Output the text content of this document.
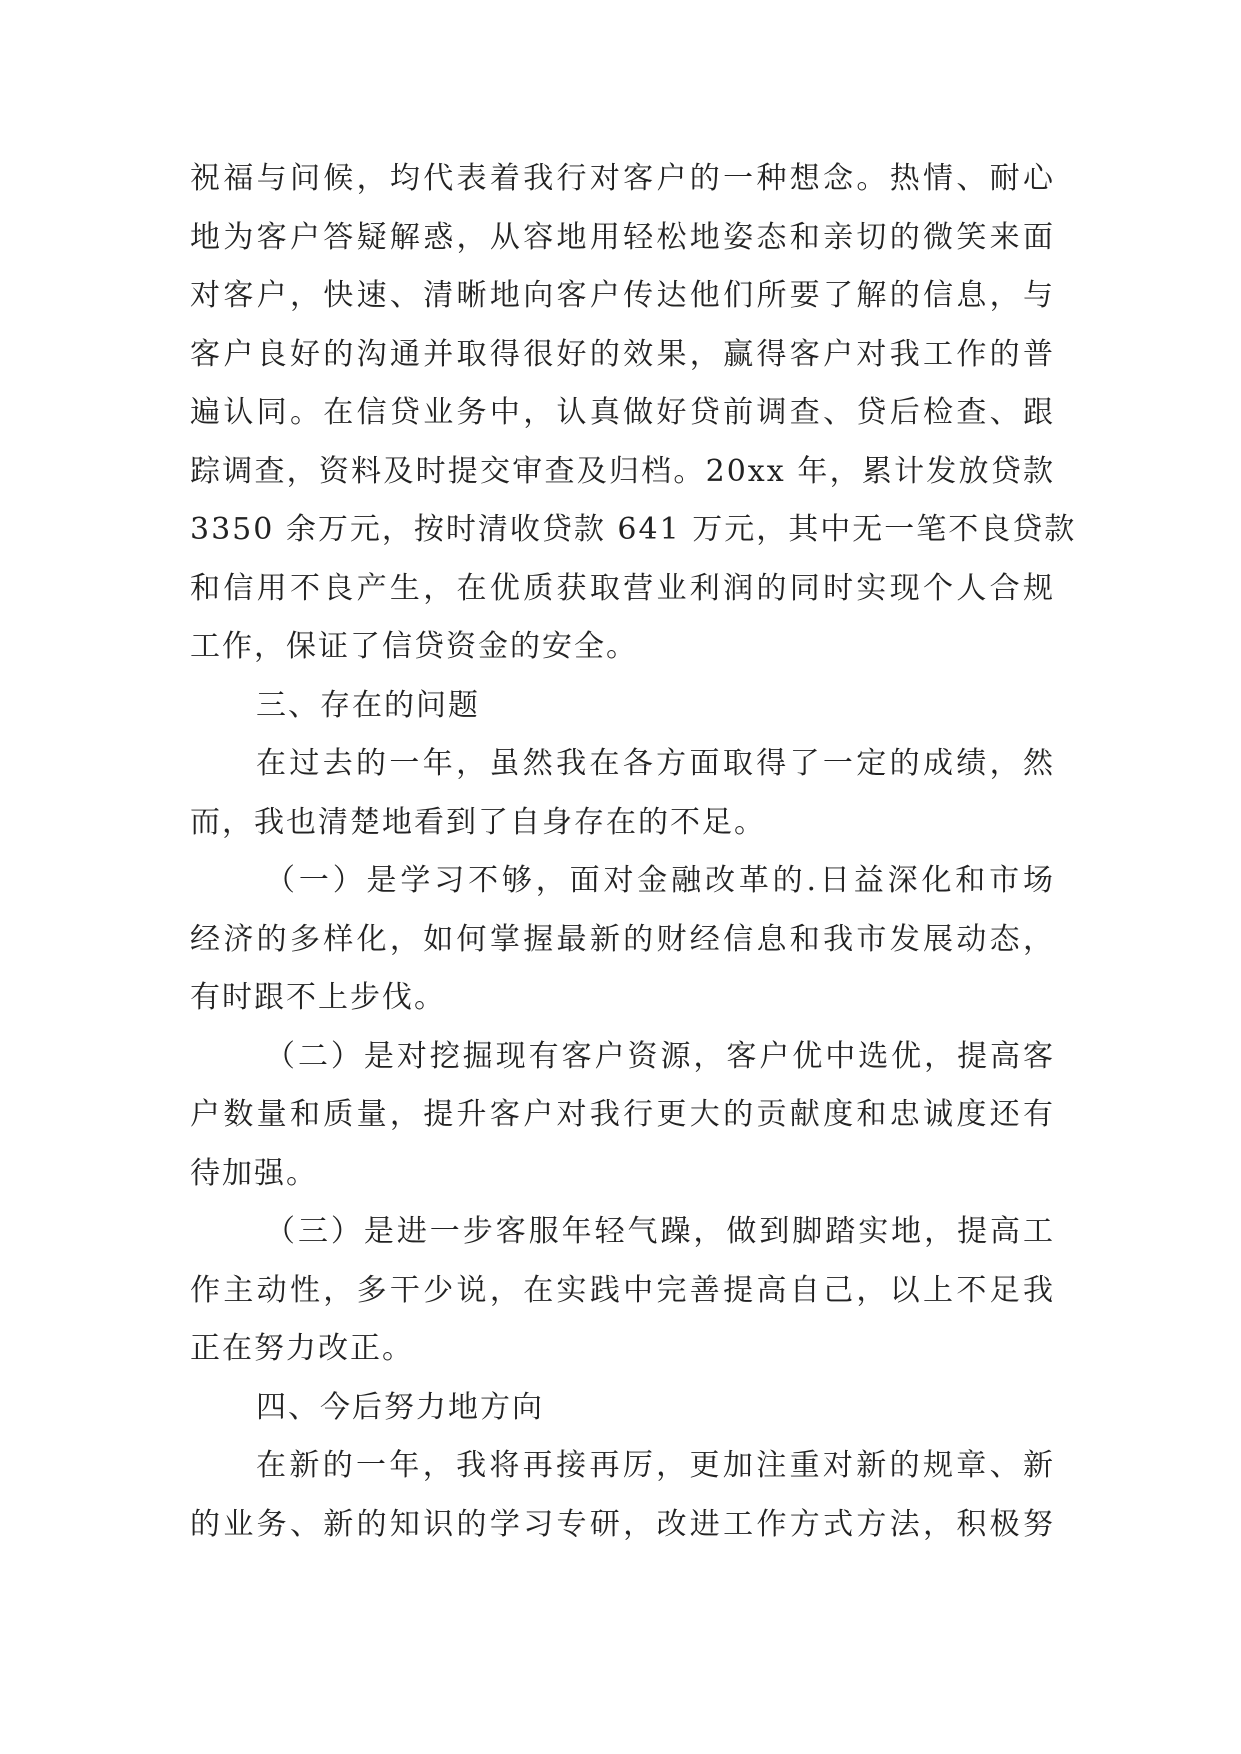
祝福与问候，均代表着我行对客户的一种想念。热情、耐心
地为客户答疑解惑，从容地用轻松地姿态和亲切的微笑来面
对客户，快速、清晰地向客户传达他们所要了解的信息，与
客户良好的沟通并取得很好的效果，赢得客户对我工作的普
遍认同。在信贷业务中，认真做好贷前调查、贷后检查、跟
踪调查，资料及时提交审查及归档。20xx 年，累计发放贷款
3350 余万元，按时清收贷款 641 万元，其中无一笔不良贷款
和信用不良产生，在优质获取营业利润的同时实现个人合规
工作，保证了信贷资金的安全。
三、存在的问题
在过去的一年，虽然我在各方面取得了一定的成绩，然
而，我也清楚地看到了自身存在的不足。
（一）是学习不够，面对金融改革的.日益深化和市场
经济的多样化，如何掌握最新的财经信息和我市发展动态，
有时跟不上步伐。
（二）是对挖掘现有客户资源，客户优中选优，提高客
户数量和质量，提升客户对我行更大的贡献度和忠诚度还有
待加强。
（三）是进一步客服年轻气躁，做到脚踏实地，提高工
作主动性，多干少说，在实践中完善提高自己，以上不足我
正在努力改正。
四、今后努力地方向
在新的一年，我将再接再厉，更加注重对新的规章、新
的业务、新的知识的学习专研，改进工作方式方法，积极努
